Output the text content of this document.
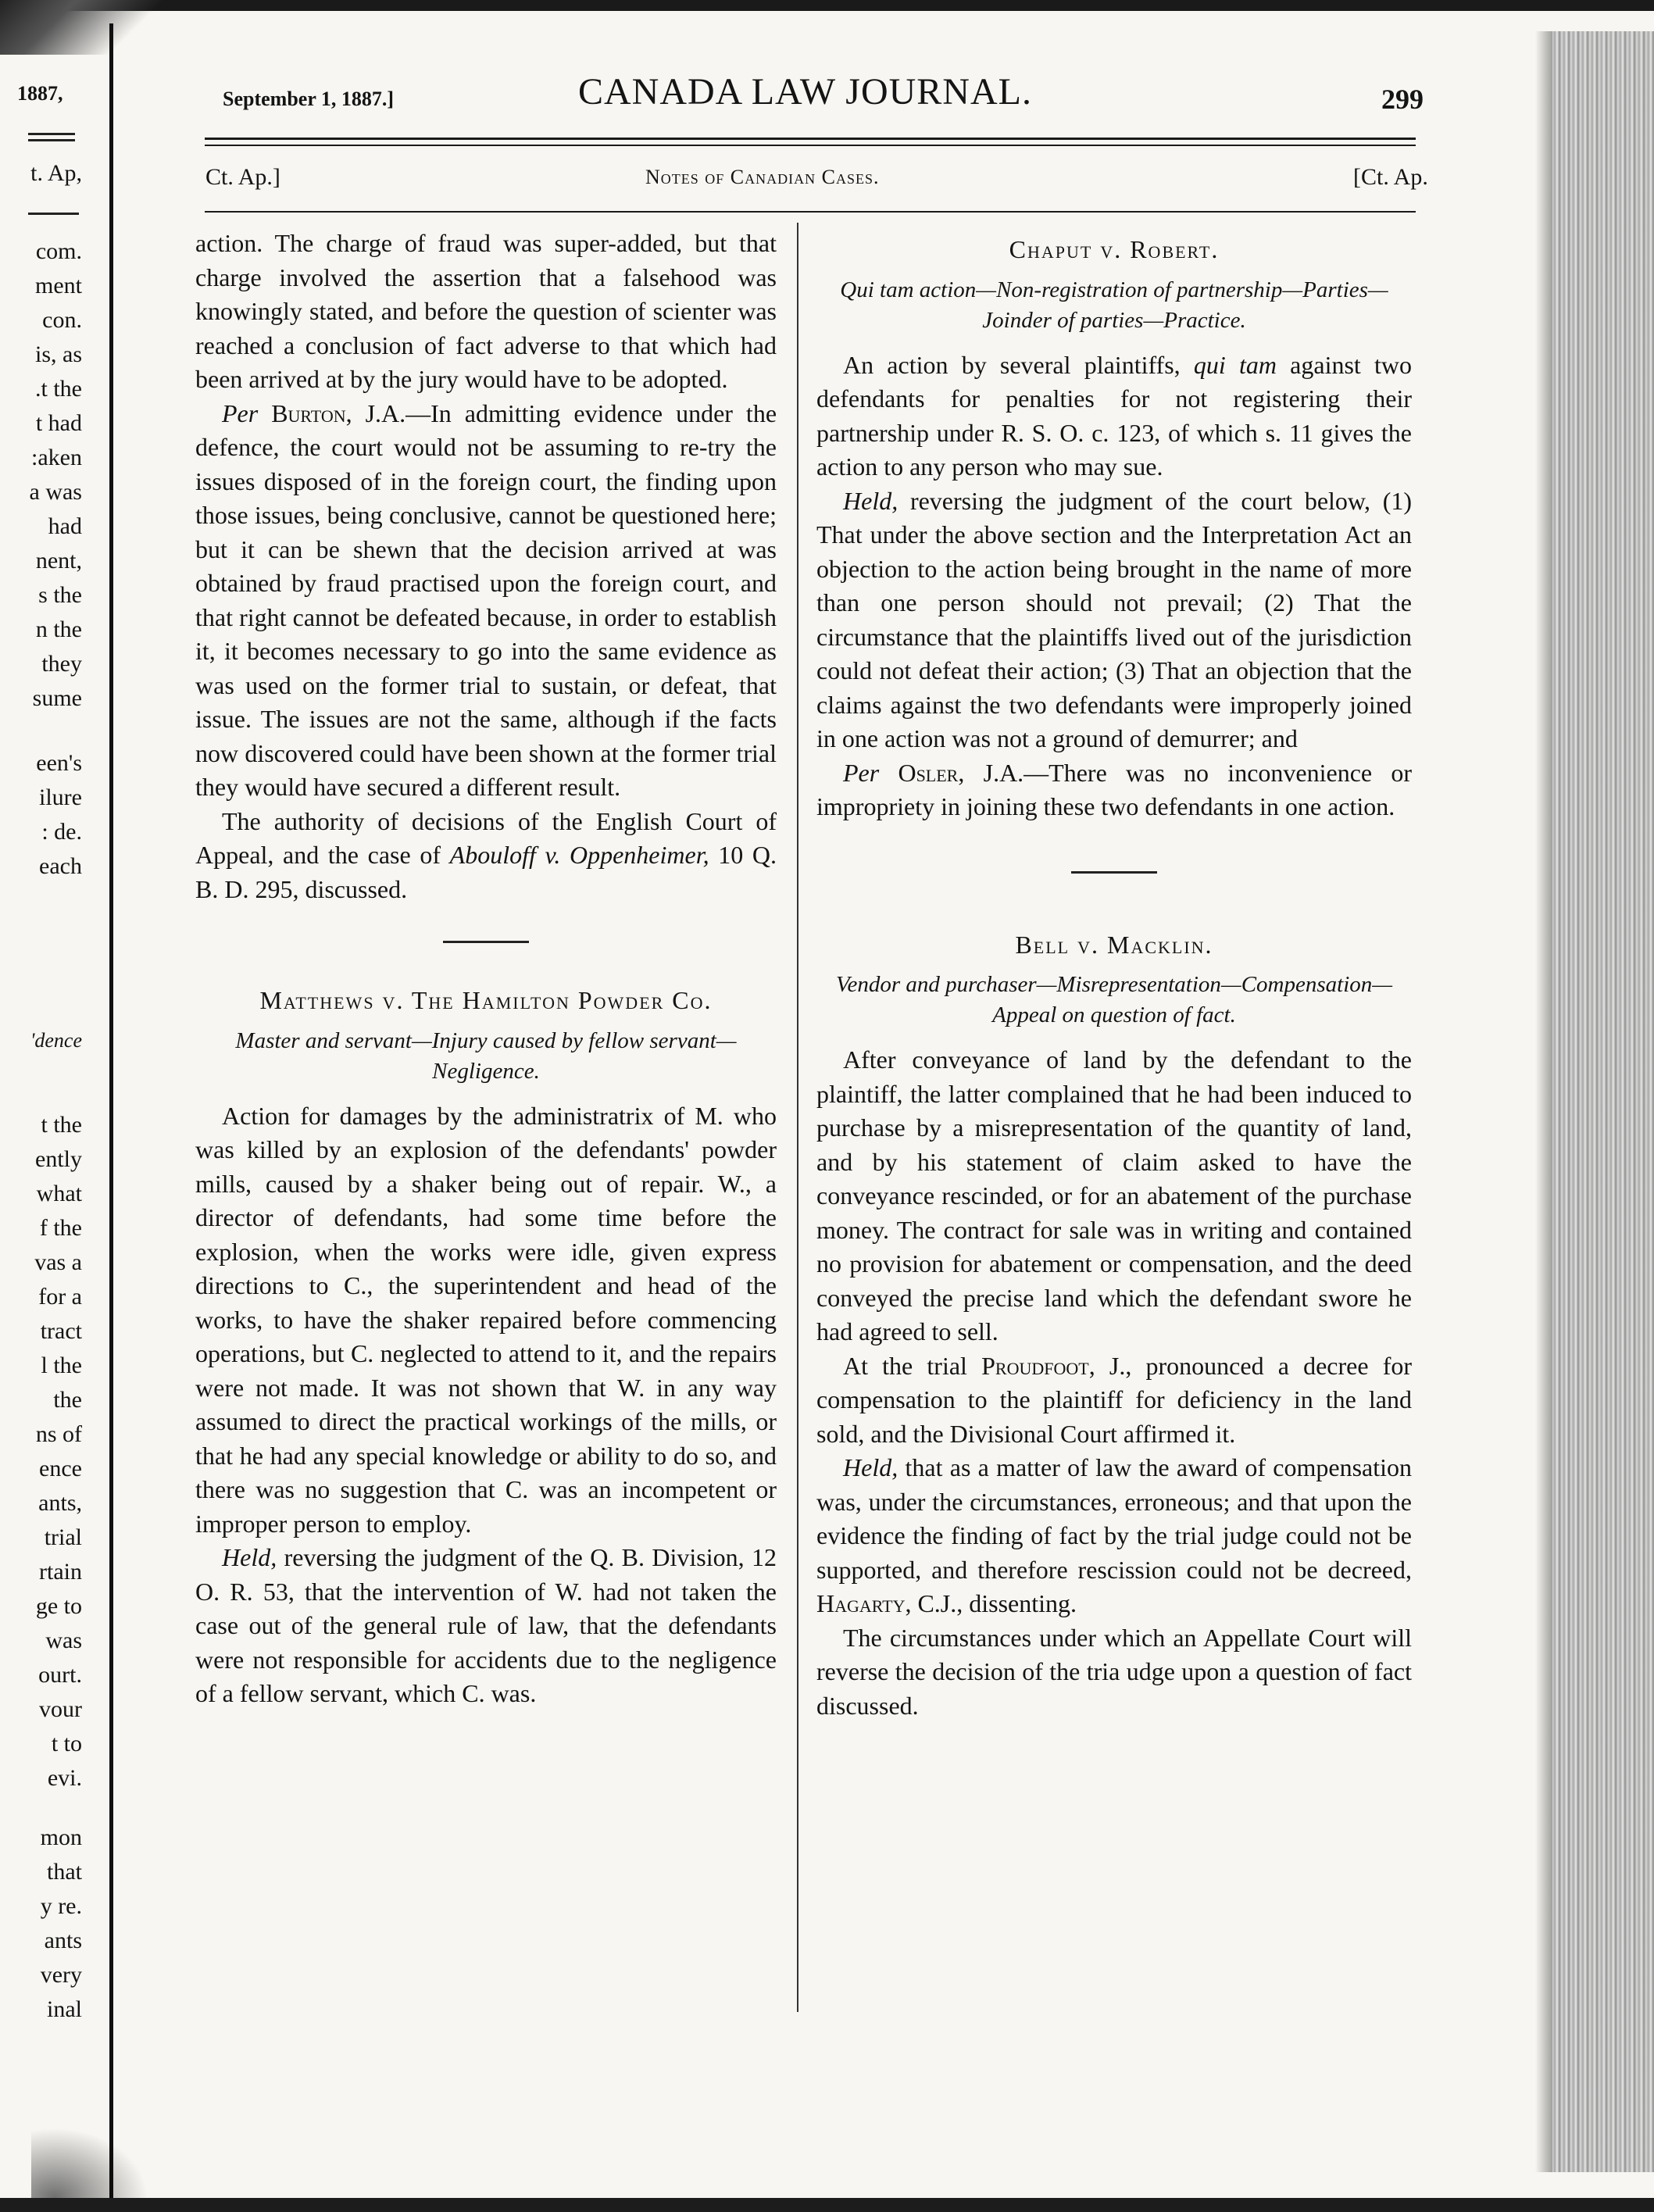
1887,
t. Ap,
com.
ment
con.
is, as
.t the
t had
:aken
a was
had
nent,
s the
n the
they
sume
een's
ilure
: de.
each
'dence
t the
ently
what
f the
vas a
for a
tract
l the
the
ns of
ence
ants,
trial
rtain
ge to
was
ourt.
vour
t to
evi.
mon
that
y re.
ants
very
inal
September 1, 1887.]	CANADA LAW JOURNAL.	299
Ct. Ap.]	Notes of Canadian Cases.	[Ct. Ap.

action. The charge of fraud was super-added, but that charge involved the assertion that a falsehood was knowingly stated, and before the question of scienter was reached a conclusion of fact adverse to that which had been arrived at by the jury would have to be adopted.

Per Burton, J.A.—In admitting evidence under the defence, the court would not be assuming to re-try the issues disposed of in the foreign court, the finding upon those issues, being conclusive, cannot be questioned here; but it can be shewn that the decision arrived at was obtained by fraud practised upon the foreign court, and that right cannot be defeated because, in order to establish it, it becomes necessary to go into the same evidence as was used on the former trial to sustain, or defeat, that issue. The issues are not the same, although if the facts now discovered could have been shown at the former trial they would have secured a different result.

The authority of decisions of the English Court of Appeal, and the case of Abouloff v. Oppenheimer, 10 Q. B. D. 295, discussed.

Matthews v. The Hamilton Powder Co.
Master and servant—Injury caused by fellow servant—Negligence.

Action for damages by the administratrix of M. who was killed by an explosion of the defendants' powder mills, caused by a shaker being out of repair. W., a director of defendants, had some time before the explosion, when the works were idle, given express directions to C., the superintendent and head of the works, to have the shaker repaired before commencing operations, but C. neglected to attend to it, and the repairs were not made. It was not shown that W. in any way assumed to direct the practical workings of the mills, or that he had any special knowledge or ability to do so, and there was no suggestion that C. was an incompetent or improper person to employ.

Held, reversing the judgment of the Q. B. Division, 12 O. R. 53, that the intervention of W. had not taken the case out of the general rule of law, that the defendants were not responsible for accidents due to the negligence of a fellow servant, which C. was.

Chaput v. Robert.
Qui tam action—Non-registration of partnership—Parties—Joinder of parties—Practice.

An action by several plaintiffs, qui tam against two defendants for penalties for not registering their partnership under R. S. O. c. 123, of which s. 11 gives the action to any person who may sue.

Held, reversing the judgment of the court below, (1) That under the above section and the Interpretation Act an objection to the action being brought in the name of more than one person should not prevail; (2) That the circumstance that the plaintiffs lived out of the jurisdiction could not defeat their action; (3) That an objection that the claims against the two defendants were improperly joined in one action was not a ground of demurrer; and

Per Osler, J.A.—There was no inconvenience or impropriety in joining these two defendants in one action.

Bell v. Macklin.
Vendor and purchaser—Misrepresentation—Compensation—Appeal on question of fact.

After conveyance of land by the defendant to the plaintiff, the latter complained that he had been induced to purchase by a misrepresentation of the quantity of land, and by his statement of claim asked to have the conveyance rescinded, or for an abatement of the purchase money. The contract for sale was in writing and contained no provision for abatement or compensation, and the deed conveyed the precise land which the defendant swore he had agreed to sell.

At the trial Proudfoot, J., pronounced a decree for compensation to the plaintiff for deficiency in the land sold, and the Divisional Court affirmed it.

Held, that as a matter of law the award of compensation was, under the circumstances, erroneous; and that upon the evidence the finding of fact by the trial judge could not be supported, and therefore rescission could not be decreed, Hagarty, C.J., dissenting.

The circumstances under which an Appellate Court will reverse the decision of the tria udge upon a question of fact discussed.
